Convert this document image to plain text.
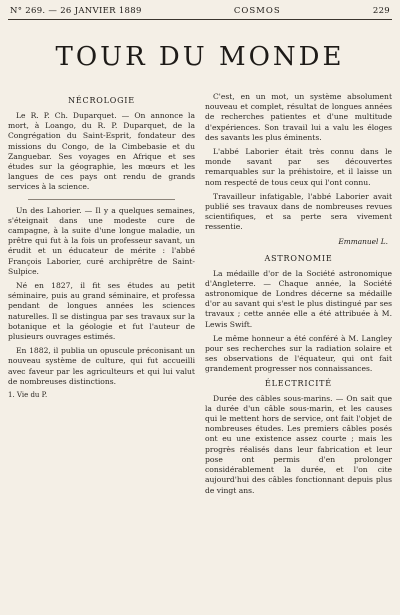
N° 269. — 26 JANVIER 1889	COSMOS	229
TOUR DU MONDE
NÉCROLOGIE

Le R. P. Ch. Duparquet. — On annonce la mort, à Loango, du R. P. Duparquet, de la Congrégation du Saint-Esprit, fondateur des missions du Congo, de la Cimbebasie et du Zanguebar. Ses voyages en Afrique et ses études sur la géographie, les mœurs et les langues de ces pays ont rendu de grands services à la science.

Un des Lahorier. — Il y a quelques semaines, s'éteignait dans une modeste cure de campagne, à la suite d'une longue maladie, un prêtre qui fut à la fois un professeur savant, un érudit et un éducateur de mérite : l'abbé François Laborier, curé archiprêtre de Saint-Sulpice.

Né en 1827, il fit ses études au petit séminaire, puis au grand séminaire, et professa pendant de longues années les sciences naturelles. Il se distingua par ses travaux sur la botanique et la géologie et fut l'auteur de plusieurs ouvrages estimés.

En 1882, il publia un opuscule préconisant un nouveau système de culture, qui fut accueilli avec faveur par les agriculteurs et qui lui valut de nombreuses distinctions.

1. Vie du P.

C'est, en un mot, un système absolument nouveau et complet, résultat de longues années de recherches patientes et d'une multitude d'expériences. Son travail lui a valu les éloges des savants les plus éminents.

L'abbé Laborier était très connu dans le monde savant par ses découvertes remarquables sur la préhistoire, et il laisse un nom respecté de tous ceux qui l'ont connu.

Travailleur infatigable, l'abbé Laborier avait publié ses travaux dans de nombreuses revues scientifiques, et sa perte sera vivement ressentie.

Emmanuel L.
ASTRONOMIE

La médaille d'or de la Société astronomique d'Angleterre. — Chaque année, la Société astronomique de Londres décerne sa médaille d'or au savant qui s'est le plus distingué par ses travaux ; cette année elle a été attribuée à M. Lewis Swift.

Le même honneur a été conféré à M. Langley pour ses recherches sur la radiation solaire et ses observations de l'équateur, qui ont fait grandement progresser nos connaissances.

ÉLECTRICITÉ

Durée des câbles sous-marins. — On sait que la durée d'un câble sous-marin, et les causes qui le mettent hors de service, ont fait l'objet de nombreuses études. Les premiers câbles posés ont eu une existence assez courte ; mais les progrès réalisés dans leur fabrication et leur pose ont permis d'en prolonger considérablement la durée, et l'on cite aujourd'hui des câbles fonctionnant depuis plus de vingt ans.
